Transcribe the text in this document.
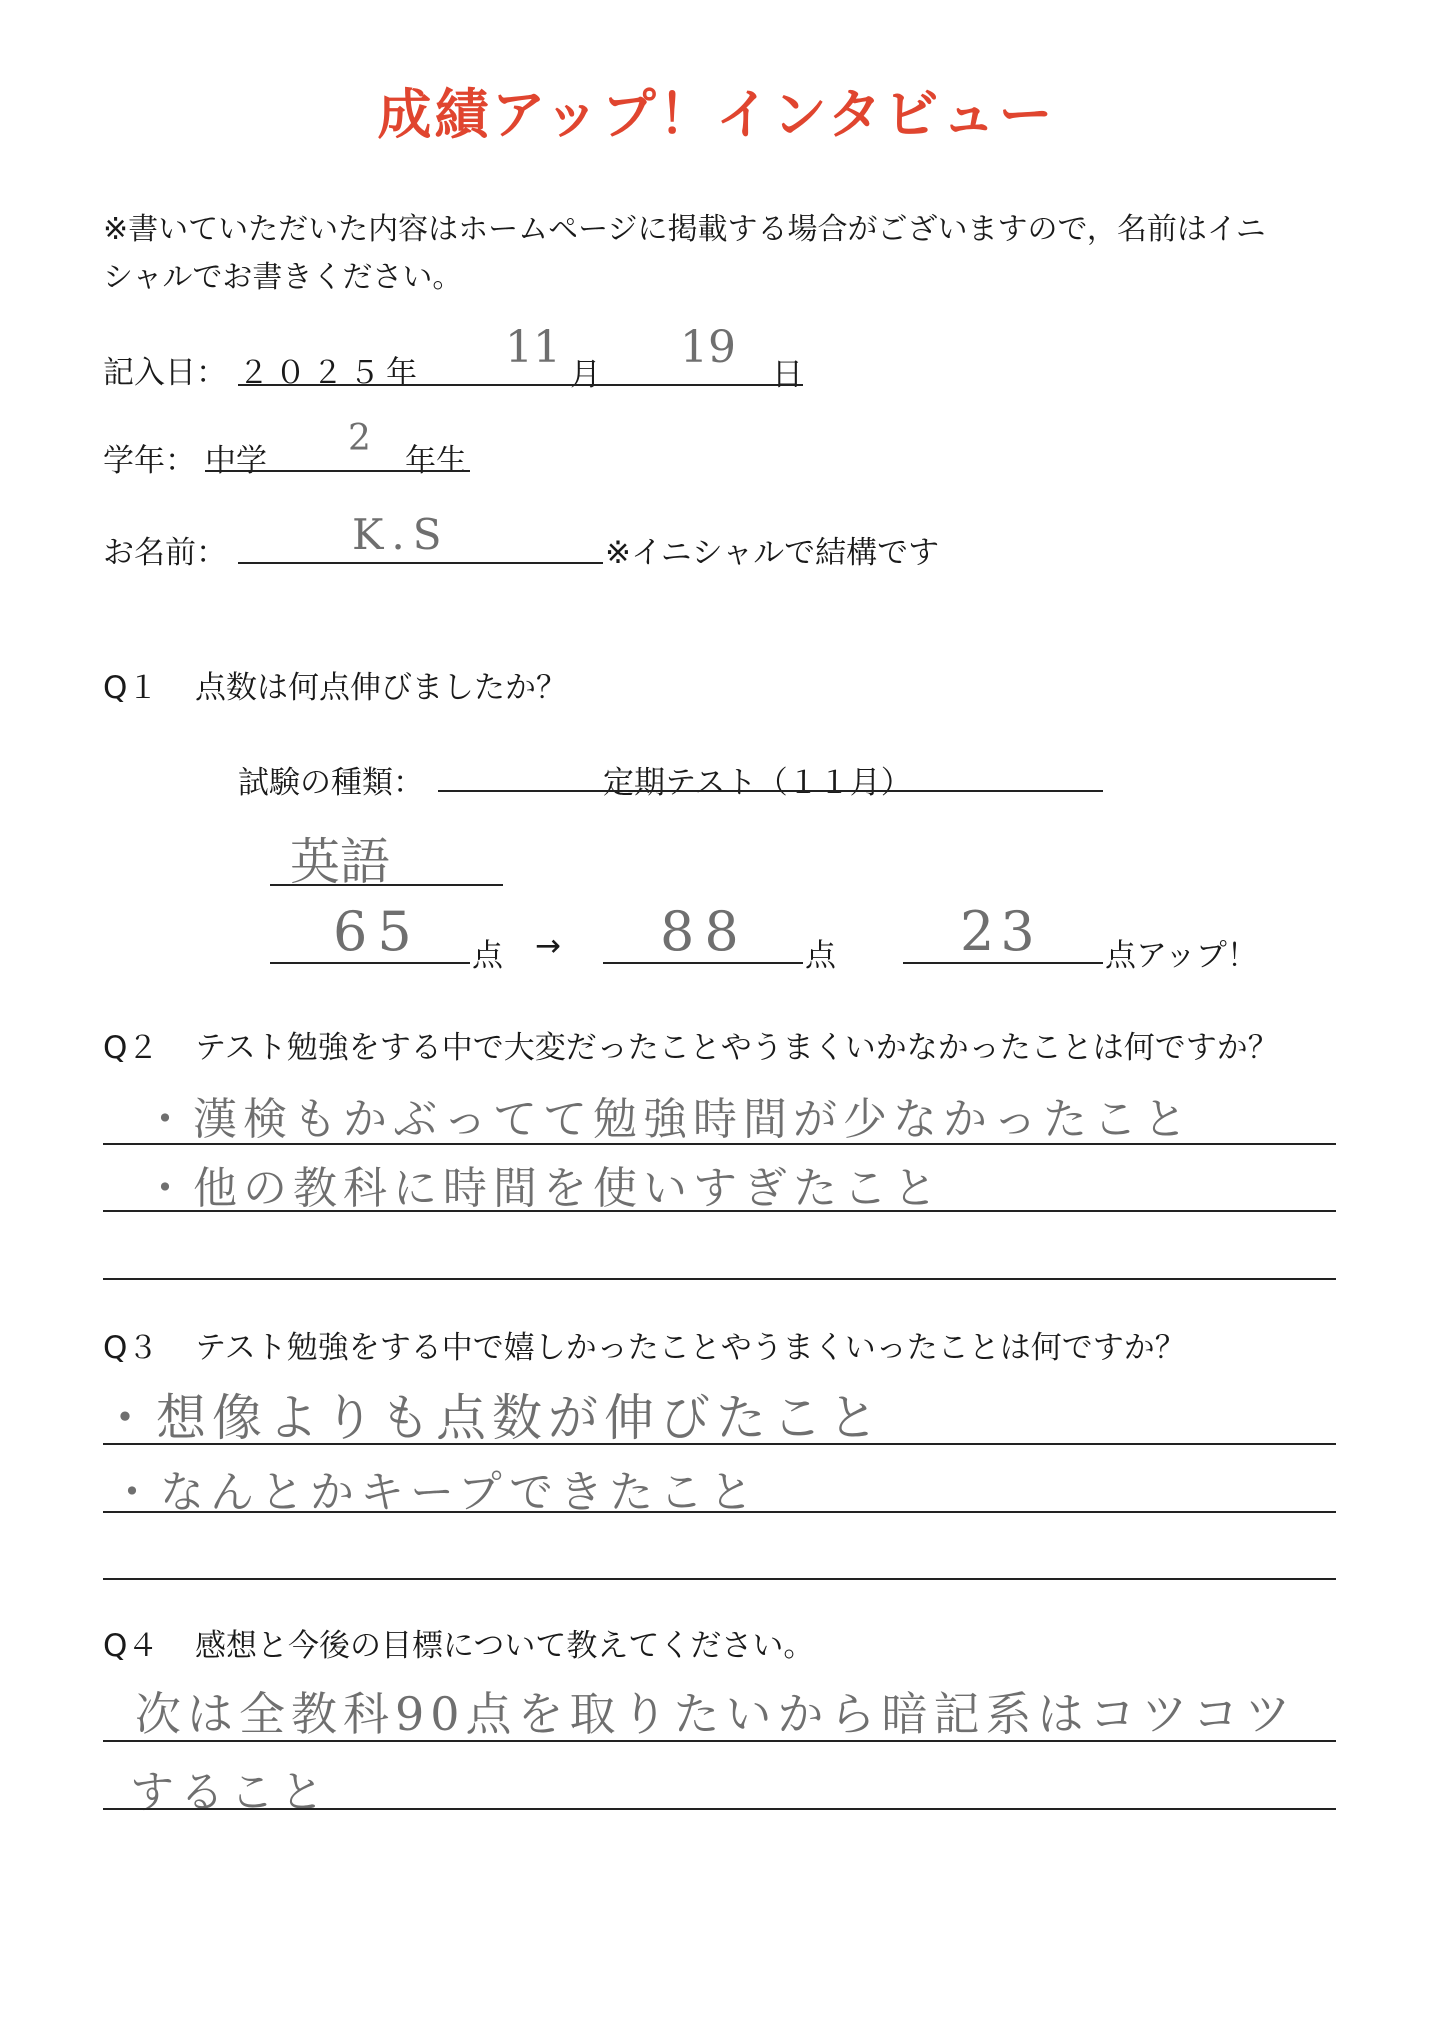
成績アップ！インタビュー
※書いていただいた内容はホームページに掲載する場合がございますので，名前はイニ
シャルでお書きください。
記入日： ２０２５年 11
月
19
日
学年： 中学
2
年生
お名前：	K.S	※イニシャルで結構です
Q１ 点数は何点伸びましたか？
試験の種類：	定期テスト（１１月）
英語
65 点 → 88 点 23 点アップ！
Q２ テスト勉強をする中で大変だったことやうまくいかなかったことは何ですか？
・漢検もかぶってて勉強時間が少なかったこと
・他の教科に時間を使いすぎたこと
Q３ テスト勉強をする中で嬉しかったことやうまくいったことは何ですか？
・想像よりも点数が伸びたこと
・なんとかキープできたこと
Q４ 感想と今後の目標について教えてください。
次は全教科90点を取りたいから暗記系はコツコツ
すること
